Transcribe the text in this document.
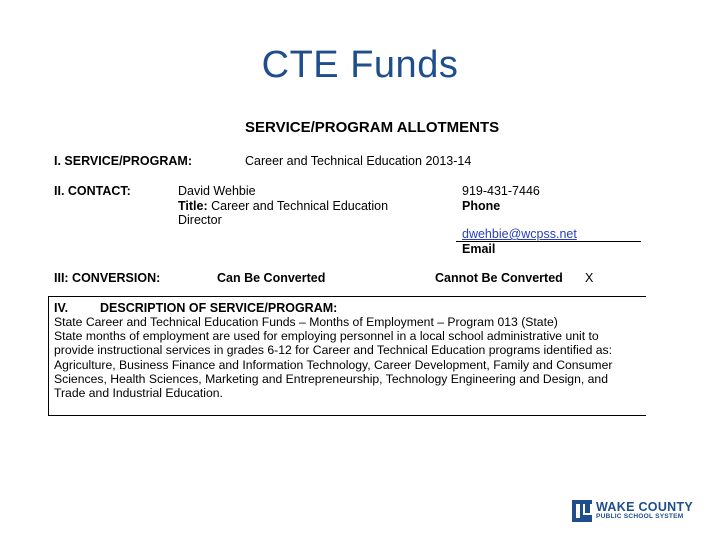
CTE Funds
SERVICE/PROGRAM ALLOTMENTS
I. SERVICE/PROGRAM:	Career and Technical Education 2013-14
II. CONTACT:	David Wehbie
Title: Career and Technical Education
Director
919-431-7446
Phone
dwehbie@wcpss.net
Email
III: CONVERSION:	Can Be Converted	Cannot Be Converted X
IV.	DESCRIPTION OF SERVICE/PROGRAM:
State Career and Technical Education Funds – Months of Employment – Program 013 (State)
State months of employment are used for employing personnel in a local school administrative unit to
provide instructional services in grades 6-12 for Career and Technical Education programs identified as:
Agriculture, Business Finance and Information Technology, Career Development, Family and Consumer
Sciences, Health Sciences, Marketing and Entrepreneurship, Technology Engineering and Design, and
Trade and Industrial Education.
WAKE COUNTY
PUBLIC SCHOOL SYSTEM
